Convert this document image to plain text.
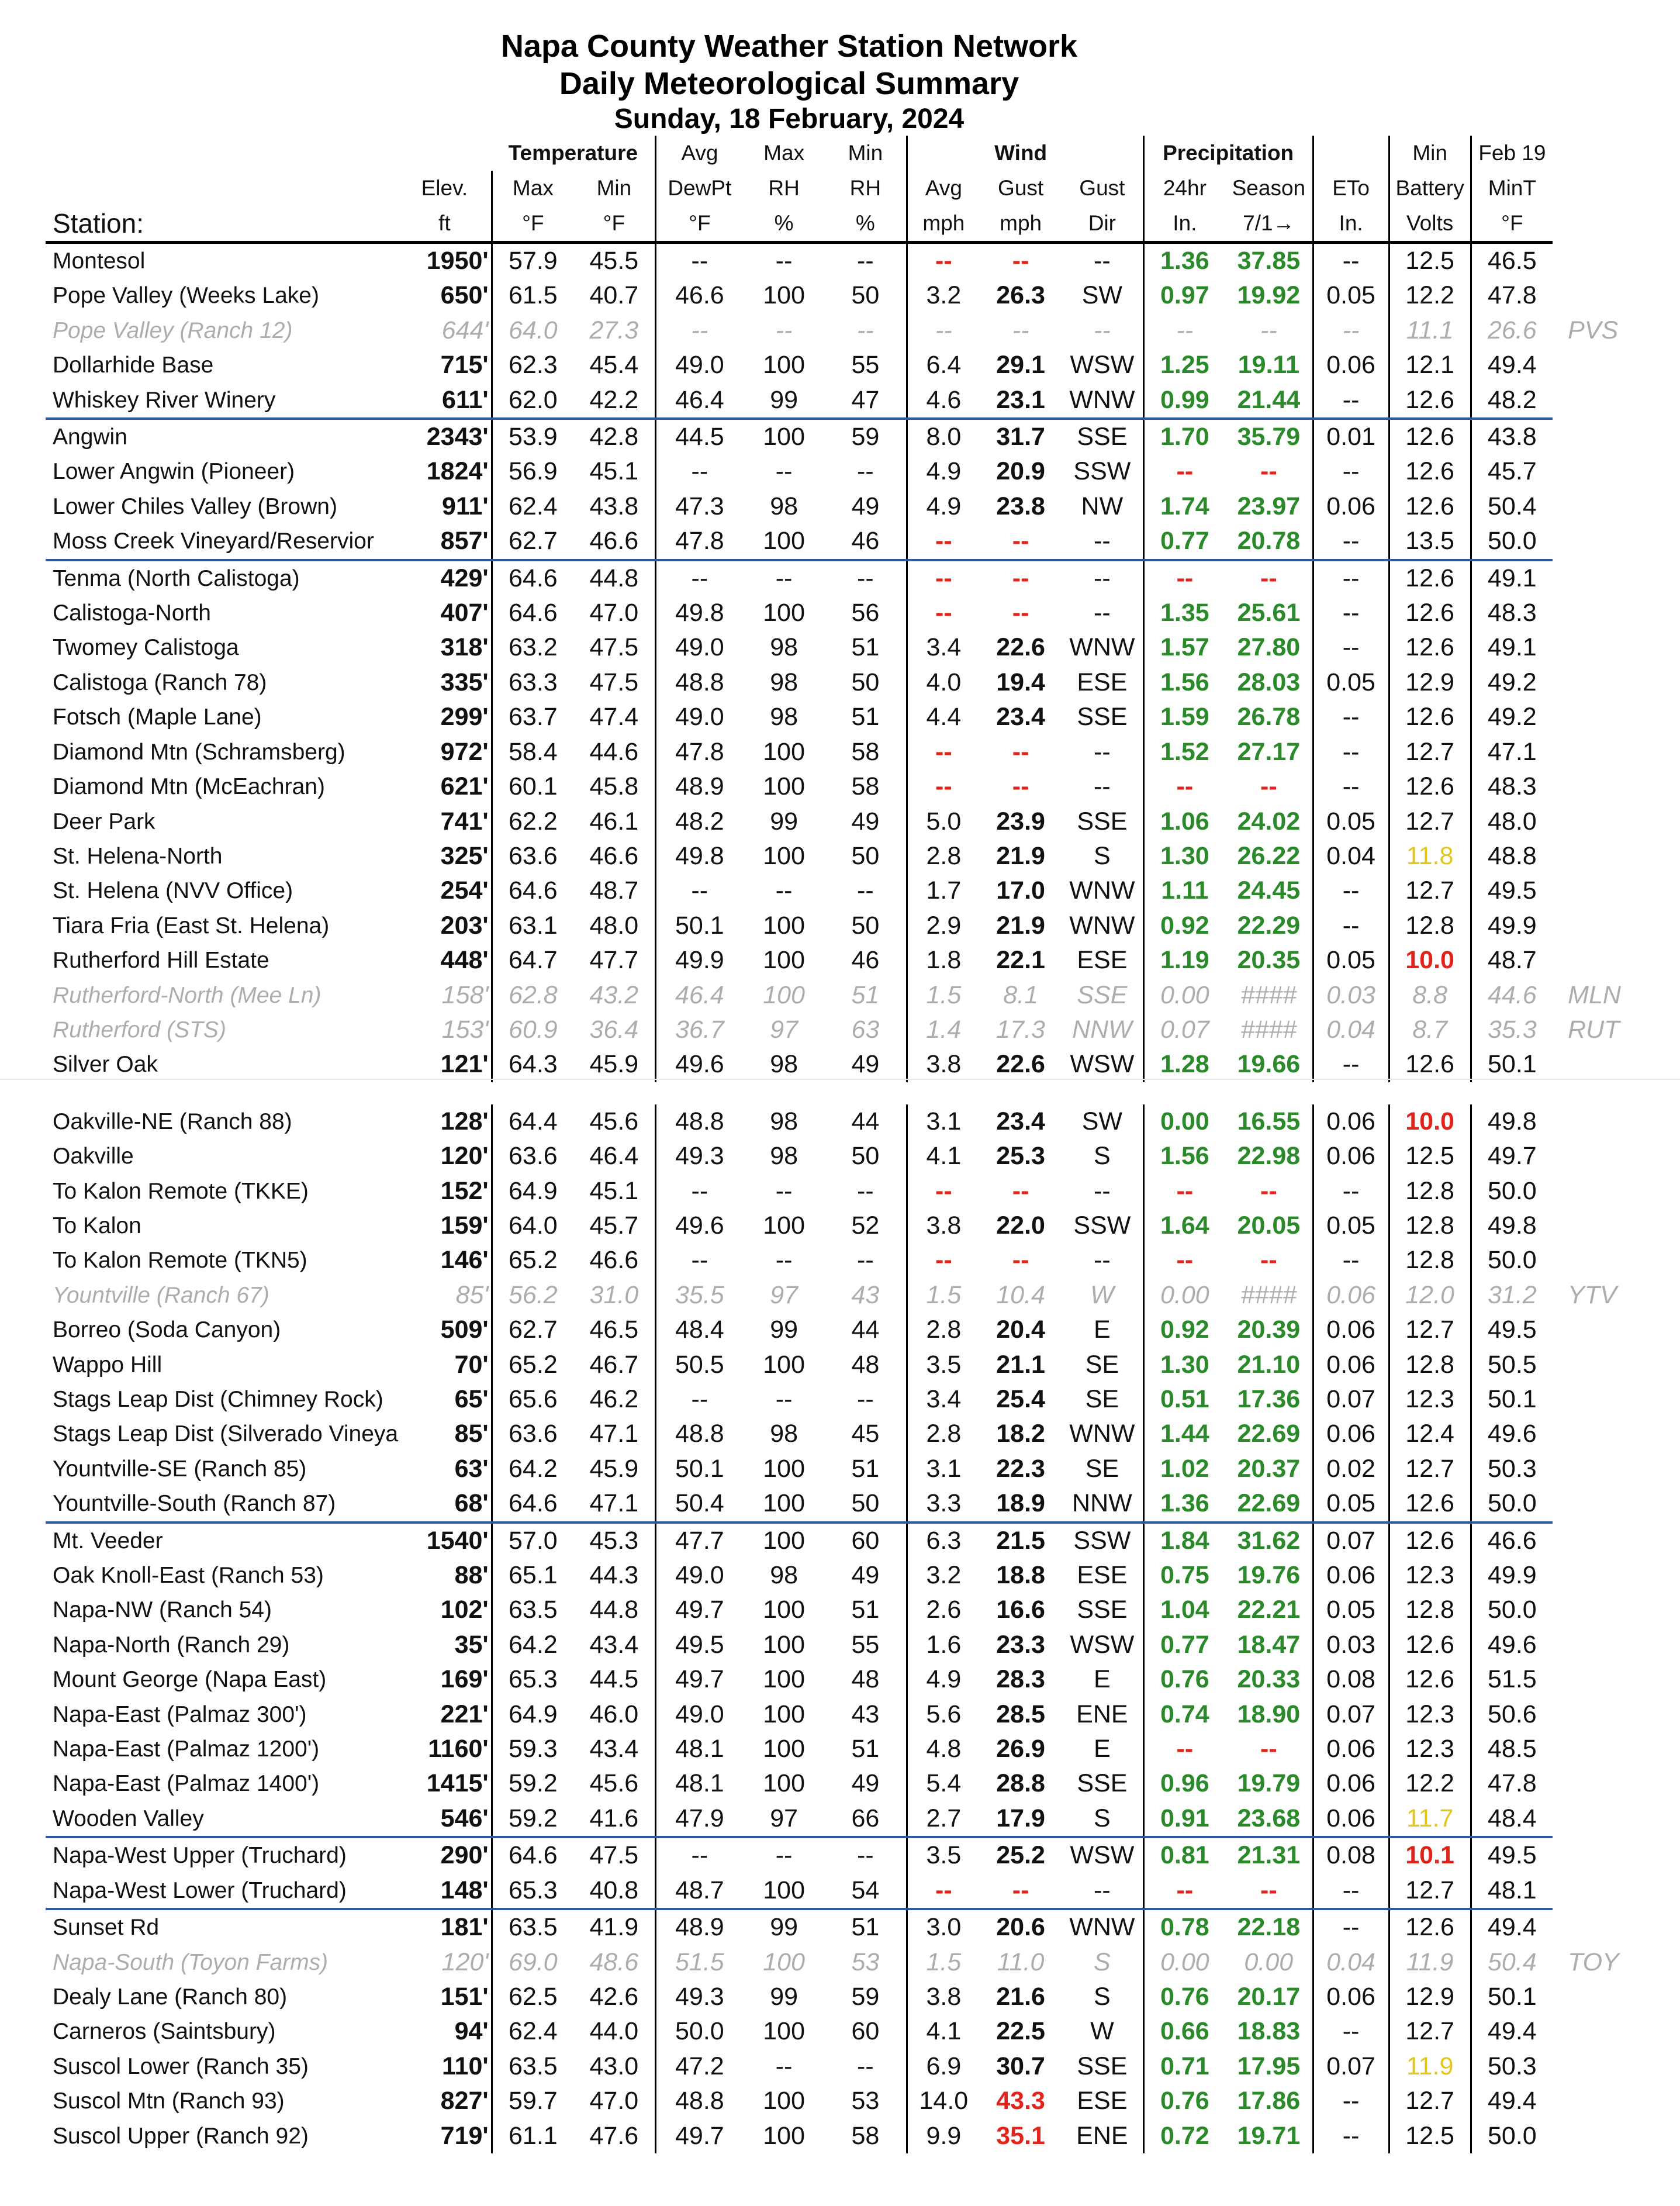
Napa County Weather Station Network
Daily Meteorological Summary
Sunday, 18 February, 2024
		Temperature		Avg	Max	Min		Wind		Precipitation			Min	Feb 19	
	Elev.	Max	Min	DewPt	RH	RH	Avg	Gust	Gust	24hr	Season	ETo	Battery	MinT	
Station:	ft	°F	°F	°F	%	%	mph	mph	Dir	In.	7/1→	In.	Volts	°F	
Montesol	1950'	57.9	45.5	--	--	--	--	--	--	1.36	37.85	--	12.5	46.5	
Pope Valley (Weeks Lake)	650'	61.5	40.7	46.6	100	50	3.2	26.3	SW	0.97	19.92	0.05	12.2	47.8	
Pope Valley (Ranch 12)	644'	64.0	27.3	--	--	--	--	--	--	--	--	--	11.1	26.6	PVS
Dollarhide Base	715'	62.3	45.4	49.0	100	55	6.4	29.1	WSW	1.25	19.11	0.06	12.1	49.4	
Whiskey River Winery	611'	62.0	42.2	46.4	99	47	4.6	23.1	WNW	0.99	21.44	--	12.6	48.2	
Angwin	2343'	53.9	42.8	44.5	100	59	8.0	31.7	SSE	1.70	35.79	0.01	12.6	43.8	
Lower Angwin (Pioneer)	1824'	56.9	45.1	--	--	--	4.9	20.9	SSW	--	--	--	12.6	45.7	
Lower Chiles Valley (Brown)	911'	62.4	43.8	47.3	98	49	4.9	23.8	NW	1.74	23.97	0.06	12.6	50.4	
Moss Creek Vineyard/Reservior	857'	62.7	46.6	47.8	100	46	--	--	--	0.77	20.78	--	13.5	50.0	
Tenma (North Calistoga)	429'	64.6	44.8	--	--	--	--	--	--	--	--	--	12.6	49.1	
Calistoga-North	407'	64.6	47.0	49.8	100	56	--	--	--	1.35	25.61	--	12.6	48.3	
Twomey Calistoga	318'	63.2	47.5	49.0	98	51	3.4	22.6	WNW	1.57	27.80	--	12.6	49.1	
Calistoga (Ranch 78)	335'	63.3	47.5	48.8	98	50	4.0	19.4	ESE	1.56	28.03	0.05	12.9	49.2	
Fotsch (Maple Lane)	299'	63.7	47.4	49.0	98	51	4.4	23.4	SSE	1.59	26.78	--	12.6	49.2	
Diamond Mtn (Schramsberg)	972'	58.4	44.6	47.8	100	58	--	--	--	1.52	27.17	--	12.7	47.1	
Diamond Mtn (McEachran)	621'	60.1	45.8	48.9	100	58	--	--	--	--	--	--	12.6	48.3	
Deer Park	741'	62.2	46.1	48.2	99	49	5.0	23.9	SSE	1.06	24.02	0.05	12.7	48.0	
St. Helena-North	325'	63.6	46.6	49.8	100	50	2.8	21.9	S	1.30	26.22	0.04	11.8	48.8	
St. Helena (NVV Office)	254'	64.6	48.7	--	--	--	1.7	17.0	WNW	1.11	24.45	--	12.7	49.5	
Tiara Fria (East St. Helena)	203'	63.1	48.0	50.1	100	50	2.9	21.9	WNW	0.92	22.29	--	12.8	49.9	
Rutherford Hill Estate	448'	64.7	47.7	49.9	100	46	1.8	22.1	ESE	1.19	20.35	0.05	10.0	48.7	
Rutherford-North (Mee Ln)	158'	62.8	43.2	46.4	100	51	1.5	8.1	SSE	0.00	####	0.03	8.8	44.6	MLN
Rutherford (STS)	153'	60.9	36.4	36.7	97	63	1.4	17.3	NNW	0.07	####	0.04	8.7	35.3	RUT
Silver Oak	121'	64.3	45.9	49.6	98	49	3.8	22.6	WSW	1.28	19.66	--	12.6	50.1	

Oakville-NE (Ranch 88)	128'	64.4	45.6	48.8	98	44	3.1	23.4	SW	0.00	16.55	0.06	10.0	49.8	
Oakville	120'	63.6	46.4	49.3	98	50	4.1	25.3	S	1.56	22.98	0.06	12.5	49.7	
To Kalon Remote (TKKE)	152'	64.9	45.1	--	--	--	--	--	--	--	--	--	12.8	50.0	
To Kalon	159'	64.0	45.7	49.6	100	52	3.8	22.0	SSW	1.64	20.05	0.05	12.8	49.8	
To Kalon Remote (TKN5)	146'	65.2	46.6	--	--	--	--	--	--	--	--	--	12.8	50.0	
Yountville (Ranch 67)	85'	56.2	31.0	35.5	97	43	1.5	10.4	W	0.00	####	0.06	12.0	31.2	YTV
Borreo (Soda Canyon)	509'	62.7	46.5	48.4	99	44	2.8	20.4	E	0.92	20.39	0.06	12.7	49.5	
Wappo Hill	70'	65.2	46.7	50.5	100	48	3.5	21.1	SE	1.30	21.10	0.06	12.8	50.5	
Stags Leap Dist (Chimney Rock)	65'	65.6	46.2	--	--	--	3.4	25.4	SE	0.51	17.36	0.07	12.3	50.1	
Stags Leap Dist (Silverado Vineya	85'	63.6	47.1	48.8	98	45	2.8	18.2	WNW	1.44	22.69	0.06	12.4	49.6	
Yountville-SE (Ranch 85)	63'	64.2	45.9	50.1	100	51	3.1	22.3	SE	1.02	20.37	0.02	12.7	50.3	
Yountville-South (Ranch 87)	68'	64.6	47.1	50.4	100	50	3.3	18.9	NNW	1.36	22.69	0.05	12.6	50.0	
Mt. Veeder	1540'	57.0	45.3	47.7	100	60	6.3	21.5	SSW	1.84	31.62	0.07	12.6	46.6	
Oak Knoll-East (Ranch 53)	88'	65.1	44.3	49.0	98	49	3.2	18.8	ESE	0.75	19.76	0.06	12.3	49.9	
Napa-NW (Ranch 54)	102'	63.5	44.8	49.7	100	51	2.6	16.6	SSE	1.04	22.21	0.05	12.8	50.0	
Napa-North (Ranch 29)	35'	64.2	43.4	49.5	100	55	1.6	23.3	WSW	0.77	18.47	0.03	12.6	49.6	
Mount George (Napa East)	169'	65.3	44.5	49.7	100	48	4.9	28.3	E	0.76	20.33	0.08	12.6	51.5	
Napa-East (Palmaz 300')	221'	64.9	46.0	49.0	100	43	5.6	28.5	ENE	0.74	18.90	0.07	12.3	50.6	
Napa-East (Palmaz 1200')	1160'	59.3	43.4	48.1	100	51	4.8	26.9	E	--	--	0.06	12.3	48.5	
Napa-East (Palmaz 1400')	1415'	59.2	45.6	48.1	100	49	5.4	28.8	SSE	0.96	19.79	0.06	12.2	47.8	
Wooden Valley	546'	59.2	41.6	47.9	97	66	2.7	17.9	S	0.91	23.68	0.06	11.7	48.4	
Napa-West Upper (Truchard)	290'	64.6	47.5	--	--	--	3.5	25.2	WSW	0.81	21.31	0.08	10.1	49.5	
Napa-West Lower (Truchard)	148'	65.3	40.8	48.7	100	54	--	--	--	--	--	--	12.7	48.1	
Sunset Rd	181'	63.5	41.9	48.9	99	51	3.0	20.6	WNW	0.78	22.18	--	12.6	49.4	
Napa-South (Toyon Farms)	120'	69.0	48.6	51.5	100	53	1.5	11.0	S	0.00	0.00	0.04	11.9	50.4	TOY
Dealy Lane (Ranch 80)	151'	62.5	42.6	49.3	99	59	3.8	21.6	S	0.76	20.17	0.06	12.9	50.1	
Carneros (Saintsbury)	94'	62.4	44.0	50.0	100	60	4.1	22.5	W	0.66	18.83	--	12.7	49.4	
Suscol Lower (Ranch 35)	110'	63.5	43.0	47.2	--	--	6.9	30.7	SSE	0.71	17.95	0.07	11.9	50.3	
Suscol Mtn (Ranch 93)	827'	59.7	47.0	48.8	100	53	14.0	43.3	ESE	0.76	17.86	--	12.7	49.4	
Suscol Upper (Ranch 92)	719'	61.1	47.6	49.7	100	58	9.9	35.1	ENE	0.72	19.71	--	12.5	50.0	
